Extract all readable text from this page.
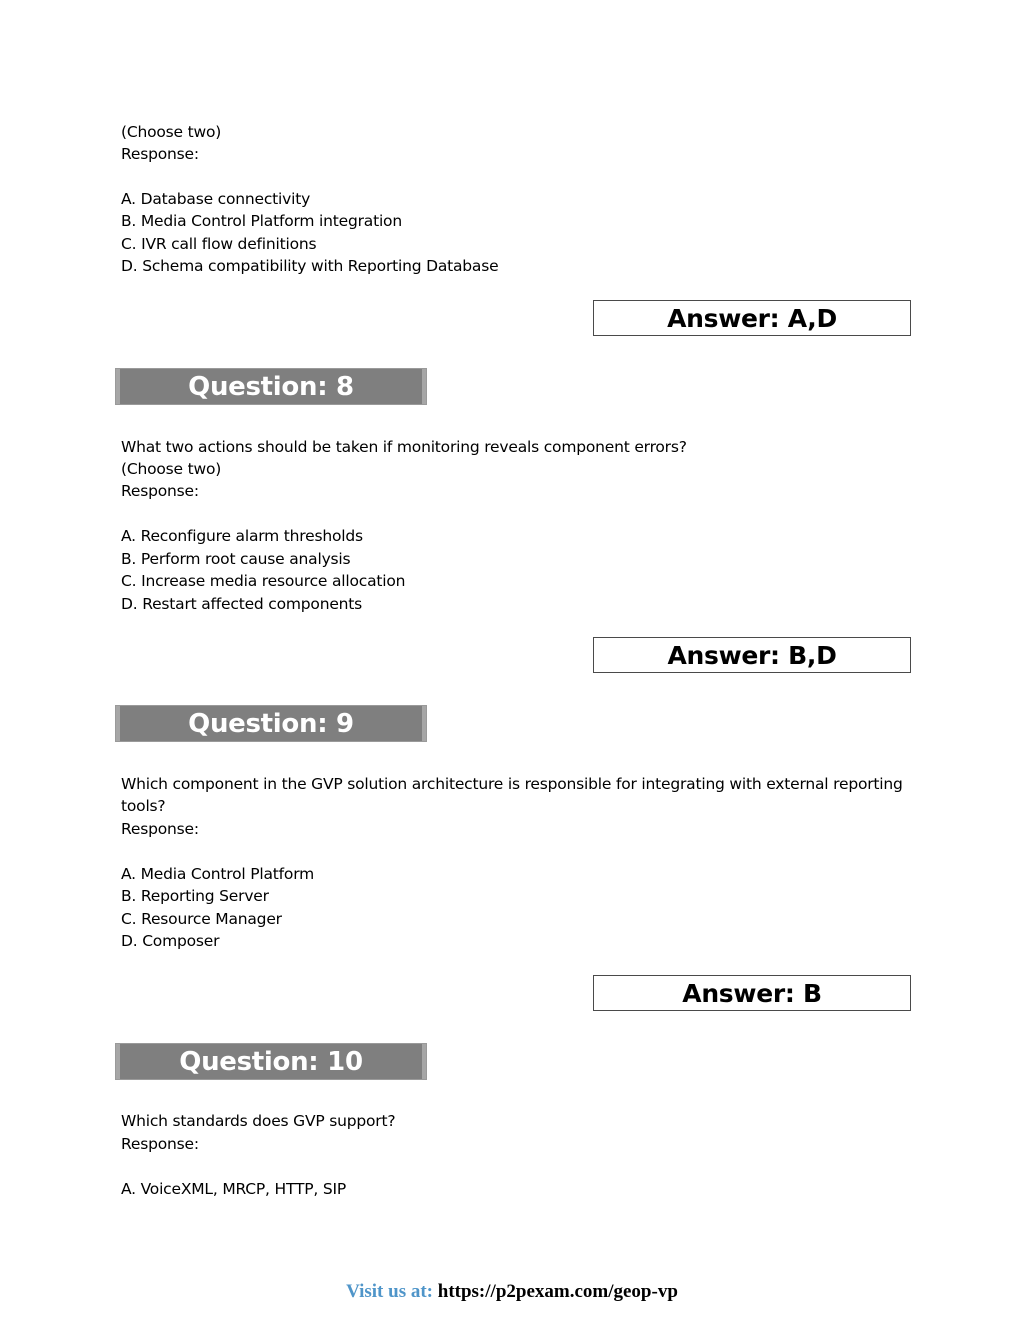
(Choose two)
Response:
A. Database connectivity
B. Media Control Platform integration
C. IVR call flow definitions
D. Schema compatibility with Reporting Database
Answer: A,D
Question: 8
What two actions should be taken if monitoring reveals component errors?
(Choose two)
Response:
A. Reconfigure alarm thresholds
B. Perform root cause analysis
C. Increase media resource allocation
D. Restart affected components
Answer: B,D
Question: 9
Which component in the GVP solution architecture is responsible for integrating with external reporting
tools?
Response:
A. Media Control Platform
B. Reporting Server
C. Resource Manager
D. Composer
Answer: B
Question: 10
Which standards does GVP support?
Response:
A. VoiceXML, MRCP, HTTP, SIP
Visit us at: https://p2pexam.com/geop-vp
